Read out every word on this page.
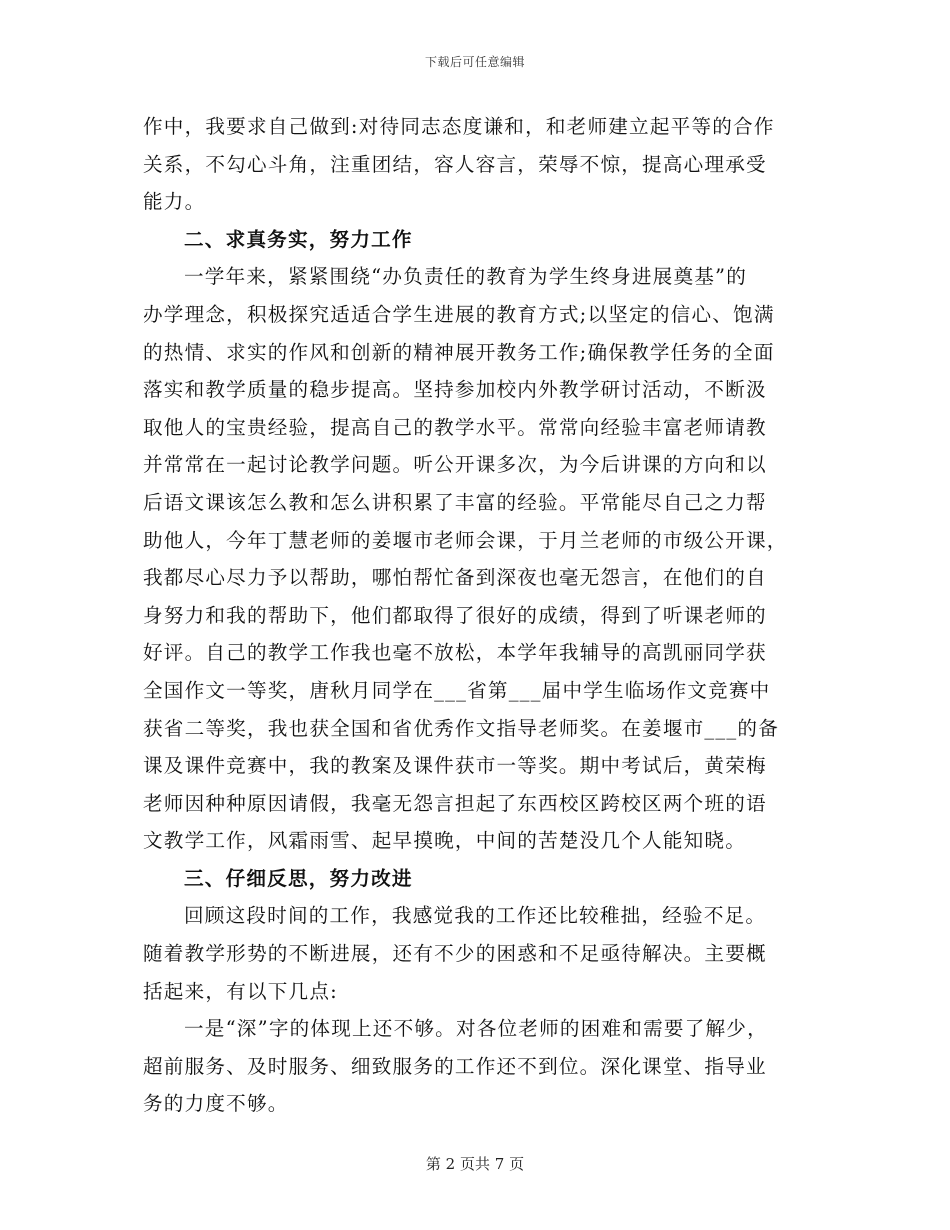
下载后可任意编辑
作中，我要求自己做到:对待同志态度谦和，和老师建立起平等的合作
关系，不勾心斗角，注重团结，容人容言，荣辱不惊，提高心理承受
能力。
二、求真务实，努力工作
一学年来，紧紧围绕“办负责任的教育为学生终身进展奠基”的
办学理念，积极探究适适合学生进展的教育方式;以坚定的信心、饱满
的热情、求实的作风和创新的精神展开教务工作;确保教学任务的全面
落实和教学质量的稳步提高。坚持参加校内外教学研讨活动，不断汲
取他人的宝贵经验，提高自己的教学水平。常常向经验丰富老师请教
并常常在一起讨论教学问题。听公开课多次，为今后讲课的方向和以
后语文课该怎么教和怎么讲积累了丰富的经验。平常能尽自己之力帮
助他人，今年丁慧老师的姜堰市老师会课，于月兰老师的市级公开课，
我都尽心尽力予以帮助，哪怕帮忙备到深夜也毫无怨言，在他们的自
身努力和我的帮助下，他们都取得了很好的成绩，得到了听课老师的
好评。自己的教学工作我也毫不放松，本学年我辅导的高凯丽同学获
全国作文一等奖，唐秋月同学在___省第___届中学生临场作文竞赛中
获省二等奖，我也获全国和省优秀作文指导老师奖。在姜堰市___的备
课及课件竞赛中，我的教案及课件获市一等奖。期中考试后，黄荣梅
老师因种种原因请假，我毫无怨言担起了东西校区跨校区两个班的语
文教学工作，风霜雨雪、起早摸晚，中间的苦楚没几个人能知晓。
三、仔细反思，努力改进
回顾这段时间的工作，我感觉我的工作还比较稚拙，经验不足。
随着教学形势的不断进展，还有不少的困惑和不足亟待解决。主要概
括起来，有以下几点:
一是“深”字的体现上还不够。对各位老师的困难和需要了解少，
超前服务、及时服务、细致服务的工作还不到位。深化课堂、指导业
务的力度不够。
第 2 页共 7 页
